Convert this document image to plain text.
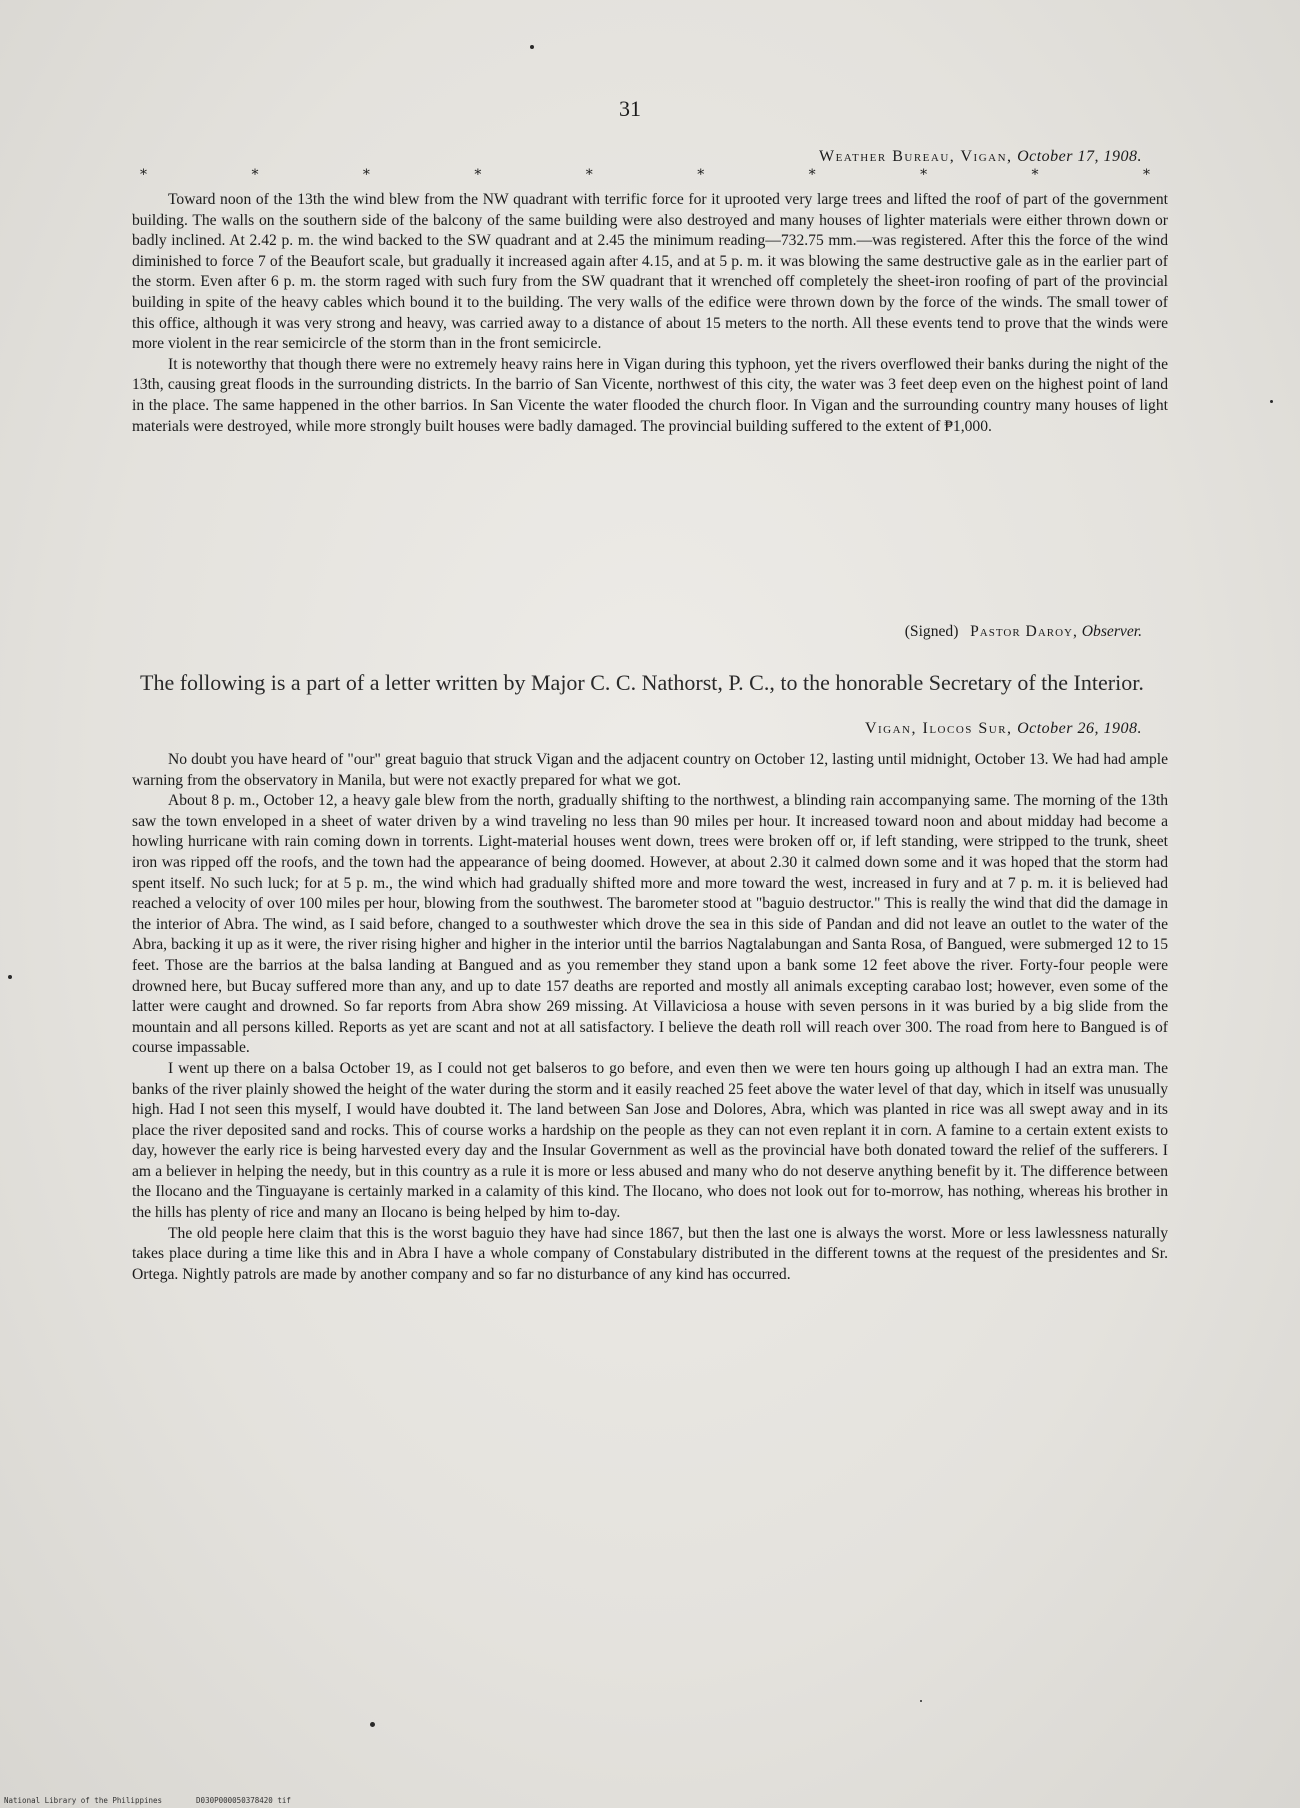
31
Weather Bureau, Vigan, October 17, 1908.
*	*	*	*	*	*	*	*	*	*

Toward noon of the 13th the wind blew from the NW quadrant with terrific force for it uprooted very large trees and lifted the roof of part of the government building. The walls on the southern side of the balcony of the same building were also destroyed and many houses of lighter materials were either thrown down or badly inclined. At 2.42 p. m. the wind backed to the SW quadrant and at 2.45 the minimum reading—732.75 mm.—was registered. After this the force of the wind diminished to force 7 of the Beaufort scale, but gradually it increased again after 4.15, and at 5 p. m. it was blowing the same destructive gale as in the earlier part of the storm. Even after 6 p. m. the storm raged with such fury from the SW quadrant that it wrenched off completely the sheet-iron roofing of part of the provincial building in spite of the heavy cables which bound it to the building. The very walls of the edifice were thrown down by the force of the winds. The small tower of this office, although it was very strong and heavy, was carried away to a distance of about 15 meters to the north. All these events tend to prove that the winds were more violent in the rear semicircle of the storm than in the front semicircle.

It is noteworthy that though there were no extremely heavy rains here in Vigan during this typhoon, yet the rivers overflowed their banks during the night of the 13th, causing great floods in the surrounding districts. In the barrio of San Vicente, northwest of this city, the water was 3 feet deep even on the highest point of land in the place. The same happened in the other barrios. In San Vicente the water flooded the church floor. In Vigan and the surrounding country many houses of light materials were destroyed, while more strongly built houses were badly damaged. The provincial building suffered to the extent of ₱1,000.

(Signed) Pastor Daroy, Observer.
The following is a part of a letter written by Major C. C. Nathorst, P. C., to the honorable Secretary of the Interior.
Vigan, Ilocos Sur, October 26, 1908.

No doubt you have heard of "our" great baguio that struck Vigan and the adjacent country on October 12, lasting until midnight, October 13. We had had ample warning from the observatory in Manila, but were not exactly prepared for what we got.

About 8 p. m., October 12, a heavy gale blew from the north, gradually shifting to the northwest, a blinding rain accompanying same. The morning of the 13th saw the town enveloped in a sheet of water driven by a wind traveling no less than 90 miles per hour. It increased toward noon and about midday had become a howling hurricane with rain coming down in torrents. Light-material houses went down, trees were broken off or, if left standing, were stripped to the trunk, sheet iron was ripped off the roofs, and the town had the appearance of being doomed. However, at about 2.30 it calmed down some and it was hoped that the storm had spent itself. No such luck; for at 5 p. m., the wind which had gradually shifted more and more toward the west, increased in fury and at 7 p. m. it is believed had reached a velocity of over 100 miles per hour, blowing from the southwest. The barometer stood at "baguio destructor." This is really the wind that did the damage in the interior of Abra. The wind, as I said before, changed to a southwester which drove the sea in this side of Pandan and did not leave an outlet to the water of the Abra, backing it up as it were, the river rising higher and higher in the interior until the barrios Nagtalabungan and Santa Rosa, of Bangued, were submerged 12 to 15 feet. Those are the barrios at the balsa landing at Bangued and as you remember they stand upon a bank some 12 feet above the river. Forty-four people were drowned here, but Bucay suffered more than any, and up to date 157 deaths are reported and mostly all animals excepting carabao lost; however, even some of the latter were caught and drowned. So far reports from Abra show 269 missing. At Villaviciosa a house with seven persons in it was buried by a big slide from the mountain and all persons killed. Reports as yet are scant and not at all satisfactory. I believe the death roll will reach over 300. The road from here to Bangued is of course impassable.

I went up there on a balsa October 19, as I could not get balseros to go before, and even then we were ten hours going up although I had an extra man. The banks of the river plainly showed the height of the water during the storm and it easily reached 25 feet above the water level of that day, which in itself was unusually high. Had I not seen this myself, I would have doubted it. The land between San Jose and Dolores, Abra, which was planted in rice was all swept away and in its place the river deposited sand and rocks. This of course works a hardship on the people as they can not even replant it in corn. A famine to a certain extent exists to day, however the early rice is being harvested every day and the Insular Government as well as the provincial have both donated toward the relief of the sufferers. I am a believer in helping the needy, but in this country as a rule it is more or less abused and many who do not deserve anything benefit by it. The difference between the Ilocano and the Tinguayane is certainly marked in a calamity of this kind. The Ilocano, who does not look out for to-morrow, has nothing, whereas his brother in the hills has plenty of rice and many an Ilocano is being helped by him to-day.

The old people here claim that this is the worst baguio they have had since 1867, but then the last one is always the worst. More or less lawlessness naturally takes place during a time like this and in Abra I have a whole company of Constabulary distributed in the different towns at the request of the presidentes and Sr. Ortega. Nightly patrols are made by another company and so far no disturbance of any kind has occurred.

National Library of the Philippines	D030P000050378420 tif
